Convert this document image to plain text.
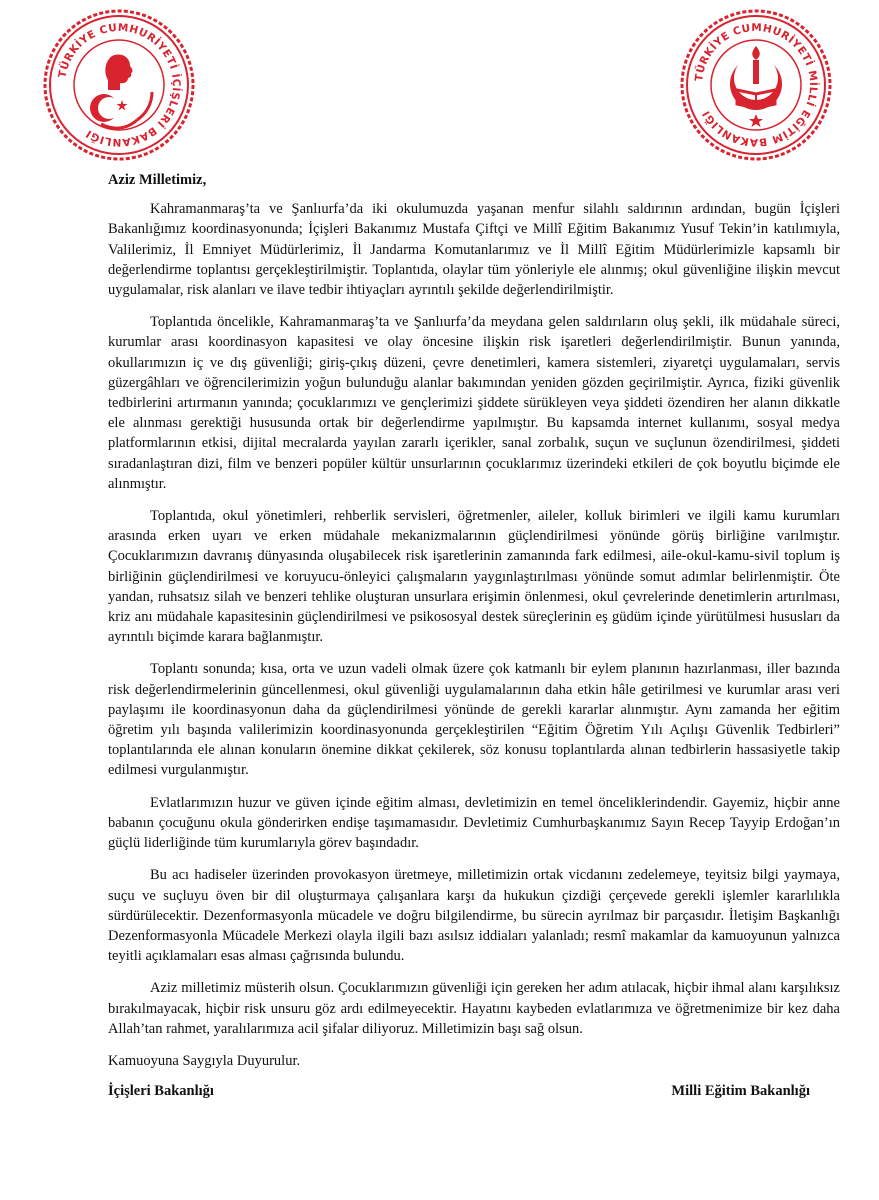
TÜRKİYE CUMHURİYETİ İÇİŞLERİ BAKANLIĞI
TÜRKİYE CUMHURİYETİ MİLLİ EĞİTİM BAKANLIĞI

Aziz Milletimiz,

Kahramanmaraş’ta ve Şanlıurfa’da iki okulumuzda yaşanan menfur silahlı saldırının ardından, bugün İçişleri Bakanlığımız koordinasyonunda; İçişleri Bakanımız Mustafa Çiftçi ve Millî Eğitim Bakanımız Yusuf Tekin’in katılımıyla, Valilerimiz, İl Emniyet Müdürlerimiz, İl Jandarma Komutanlarımız ve İl Millî Eğitim Müdürlerimizle kapsamlı bir değerlendirme toplantısı gerçekleştirilmiştir. Toplantıda, olaylar tüm yönleriyle ele alınmış; okul güvenliğine ilişkin mevcut uygulamalar, risk alanları ve ilave tedbir ihtiyaçları ayrıntılı şekilde değerlendirilmiştir.

Toplantıda öncelikle, Kahramanmaraş’ta ve Şanlıurfa’da meydana gelen saldırıların oluş şekli, ilk müdahale süreci, kurumlar arası koordinasyon kapasitesi ve olay öncesine ilişkin risk işaretleri değerlendirilmiştir. Bunun yanında, okullarımızın iç ve dış güvenliği; giriş-çıkış düzeni, çevre denetimleri, kamera sistemleri, ziyaretçi uygulamaları, servis güzergâhları ve öğrencilerimizin yoğun bulunduğu alanlar bakımından yeniden gözden geçirilmiştir. Ayrıca, fiziki güvenlik tedbirlerini artırmanın yanında; çocuklarımızı ve gençlerimizi şiddete sürükleyen veya şiddeti özendiren her alanın dikkatle ele alınması gerektiği hususunda ortak bir değerlendirme yapılmıştır. Bu kapsamda internet kullanımı, sosyal medya platformlarının etkisi, dijital mecralarda yayılan zararlı içerikler, sanal zorbalık, suçun ve suçlunun özendirilmesi, şiddeti sıradanlaştıran dizi, film ve benzeri popüler kültür unsurlarının çocuklarımız üzerindeki etkileri de çok boyutlu biçimde ele alınmıştır.

Toplantıda, okul yönetimleri, rehberlik servisleri, öğretmenler, aileler, kolluk birimleri ve ilgili kamu kurumları arasında erken uyarı ve erken müdahale mekanizmalarının güçlendirilmesi yönünde görüş birliğine varılmıştır. Çocuklarımızın davranış dünyasında oluşabilecek risk işaretlerinin zamanında fark edilmesi, aile-okul-kamu-sivil toplum iş birliğinin güçlendirilmesi ve koruyucu-önleyici çalışmaların yaygınlaştırılması yönünde somut adımlar belirlenmiştir. Öte yandan, ruhsatsız silah ve benzeri tehlike oluşturan unsurlara erişimin önlenmesi, okul çevrelerinde denetimlerin artırılması, kriz anı müdahale kapasitesinin güçlendirilmesi ve psikososyal destek süreçlerinin eş güdüm içinde yürütülmesi hususları da ayrıntılı biçimde karara bağlanmıştır.

Toplantı sonunda; kısa, orta ve uzun vadeli olmak üzere çok katmanlı bir eylem planının hazırlanması, iller bazında risk değerlendirmelerinin güncellenmesi, okul güvenliği uygulamalarının daha etkin hâle getirilmesi ve kurumlar arası veri paylaşımı ile koordinasyonun daha da güçlendirilmesi yönünde de gerekli kararlar alınmıştır. Aynı zamanda her eğitim öğretim yılı başında valilerimizin koordinasyonunda gerçekleştirilen “Eğitim Öğretim Yılı Açılışı Güvenlik Tedbirleri” toplantılarında ele alınan konuların önemine dikkat çekilerek, söz konusu toplantılarda alınan tedbirlerin hassasiyetle takip edilmesi vurgulanmıştır.

Evlatlarımızın huzur ve güven içinde eğitim alması, devletimizin en temel önceliklerindendir. Gayemiz, hiçbir anne babanın çocuğunu okula gönderirken endişe taşımamasıdır. Devletimiz Cumhurbaşkanımız Sayın Recep Tayyip Erdoğan’ın güçlü liderliğinde tüm kurumlarıyla görev başındadır.

Bu acı hadiseler üzerinden provokasyon üretmeye, milletimizin ortak vicdanını zedelemeye, teyitsiz bilgi yaymaya, suçu ve suçluyu öven bir dil oluşturmaya çalışanlara karşı da hukukun çizdiği çerçevede gerekli işlemler kararlılıkla sürdürülecektir. Dezenformasyonla mücadele ve doğru bilgilendirme, bu sürecin ayrılmaz bir parçasıdır. İletişim Başkanlığı Dezenformasyonla Mücadele Merkezi olayla ilgili bazı asılsız iddiaları yalanladı; resmî makamlar da kamuoyunun yalnızca teyitli açıklamaları esas alması çağrısında bulundu.

Aziz milletimiz müsterih olsun. Çocuklarımızın güvenliği için gereken her adım atılacak, hiçbir ihmal alanı karşılıksız bırakılmayacak, hiçbir risk unsuru göz ardı edilmeyecektir. Hayatını kaybeden evlatlarımıza ve öğretmenimize bir kez daha Allah’tan rahmet, yaralılarımıza acil şifalar diliyoruz. Milletimizin başı sağ olsun.

Kamuoyuna Saygıyla Duyurulur.

İçişleri Bakanlığı	Milli Eğitim Bakanlığı
